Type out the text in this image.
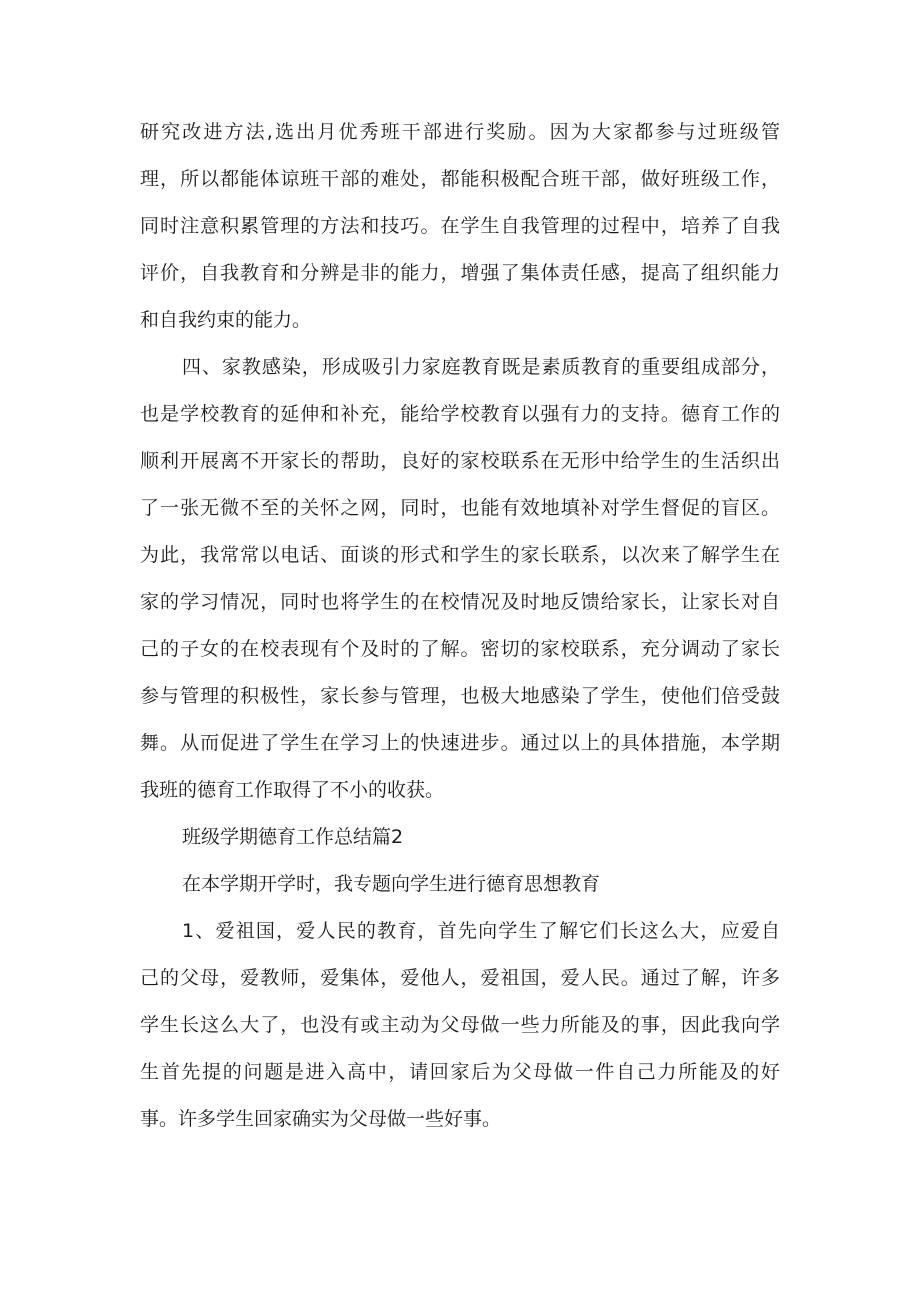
研究改进方法,选出月优秀班干部进行奖励。因为大家都参与过班级管

理，所以都能体谅班干部的难处，都能积极配合班干部，做好班级工作，

同时注意积累管理的方法和技巧。在学生自我管理的过程中，培养了自我

评价，自我教育和分辨是非的能力，增强了集体责任感，提高了组织能力

和自我约束的能力。

四、家教感染，形成吸引力家庭教育既是素质教育的重要组成部分，

也是学校教育的延伸和补充，能给学校教育以强有力的支持。德育工作的

顺利开展离不开家长的帮助，良好的家校联系在无形中给学生的生活织出

了一张无微不至的关怀之网，同时，也能有效地填补对学生督促的盲区。

为此，我常常以电话、面谈的形式和学生的家长联系，以次来了解学生在

家的学习情况，同时也将学生的在校情况及时地反馈给家长，让家长对自

己的子女的在校表现有个及时的了解。密切的家校联系，充分调动了家长

参与管理的积极性，家长参与管理，也极大地感染了学生，使他们倍受鼓

舞。从而促进了学生在学习上的快速进步。通过以上的具体措施，本学期

我班的德育工作取得了不小的收获。

班级学期德育工作总结篇2

在本学期开学时，我专题向学生进行德育思想教育

1、爱祖国，爱人民的教育，首先向学生了解它们长这么大，应爱自

己的父母，爱教师，爱集体，爱他人，爱祖国，爱人民。通过了解，许多

学生长这么大了，也没有或主动为父母做一些力所能及的事，因此我向学

生首先提的问题是进入高中，请回家后为父母做一件自己力所能及的好

事。许多学生回家确实为父母做一些好事。
